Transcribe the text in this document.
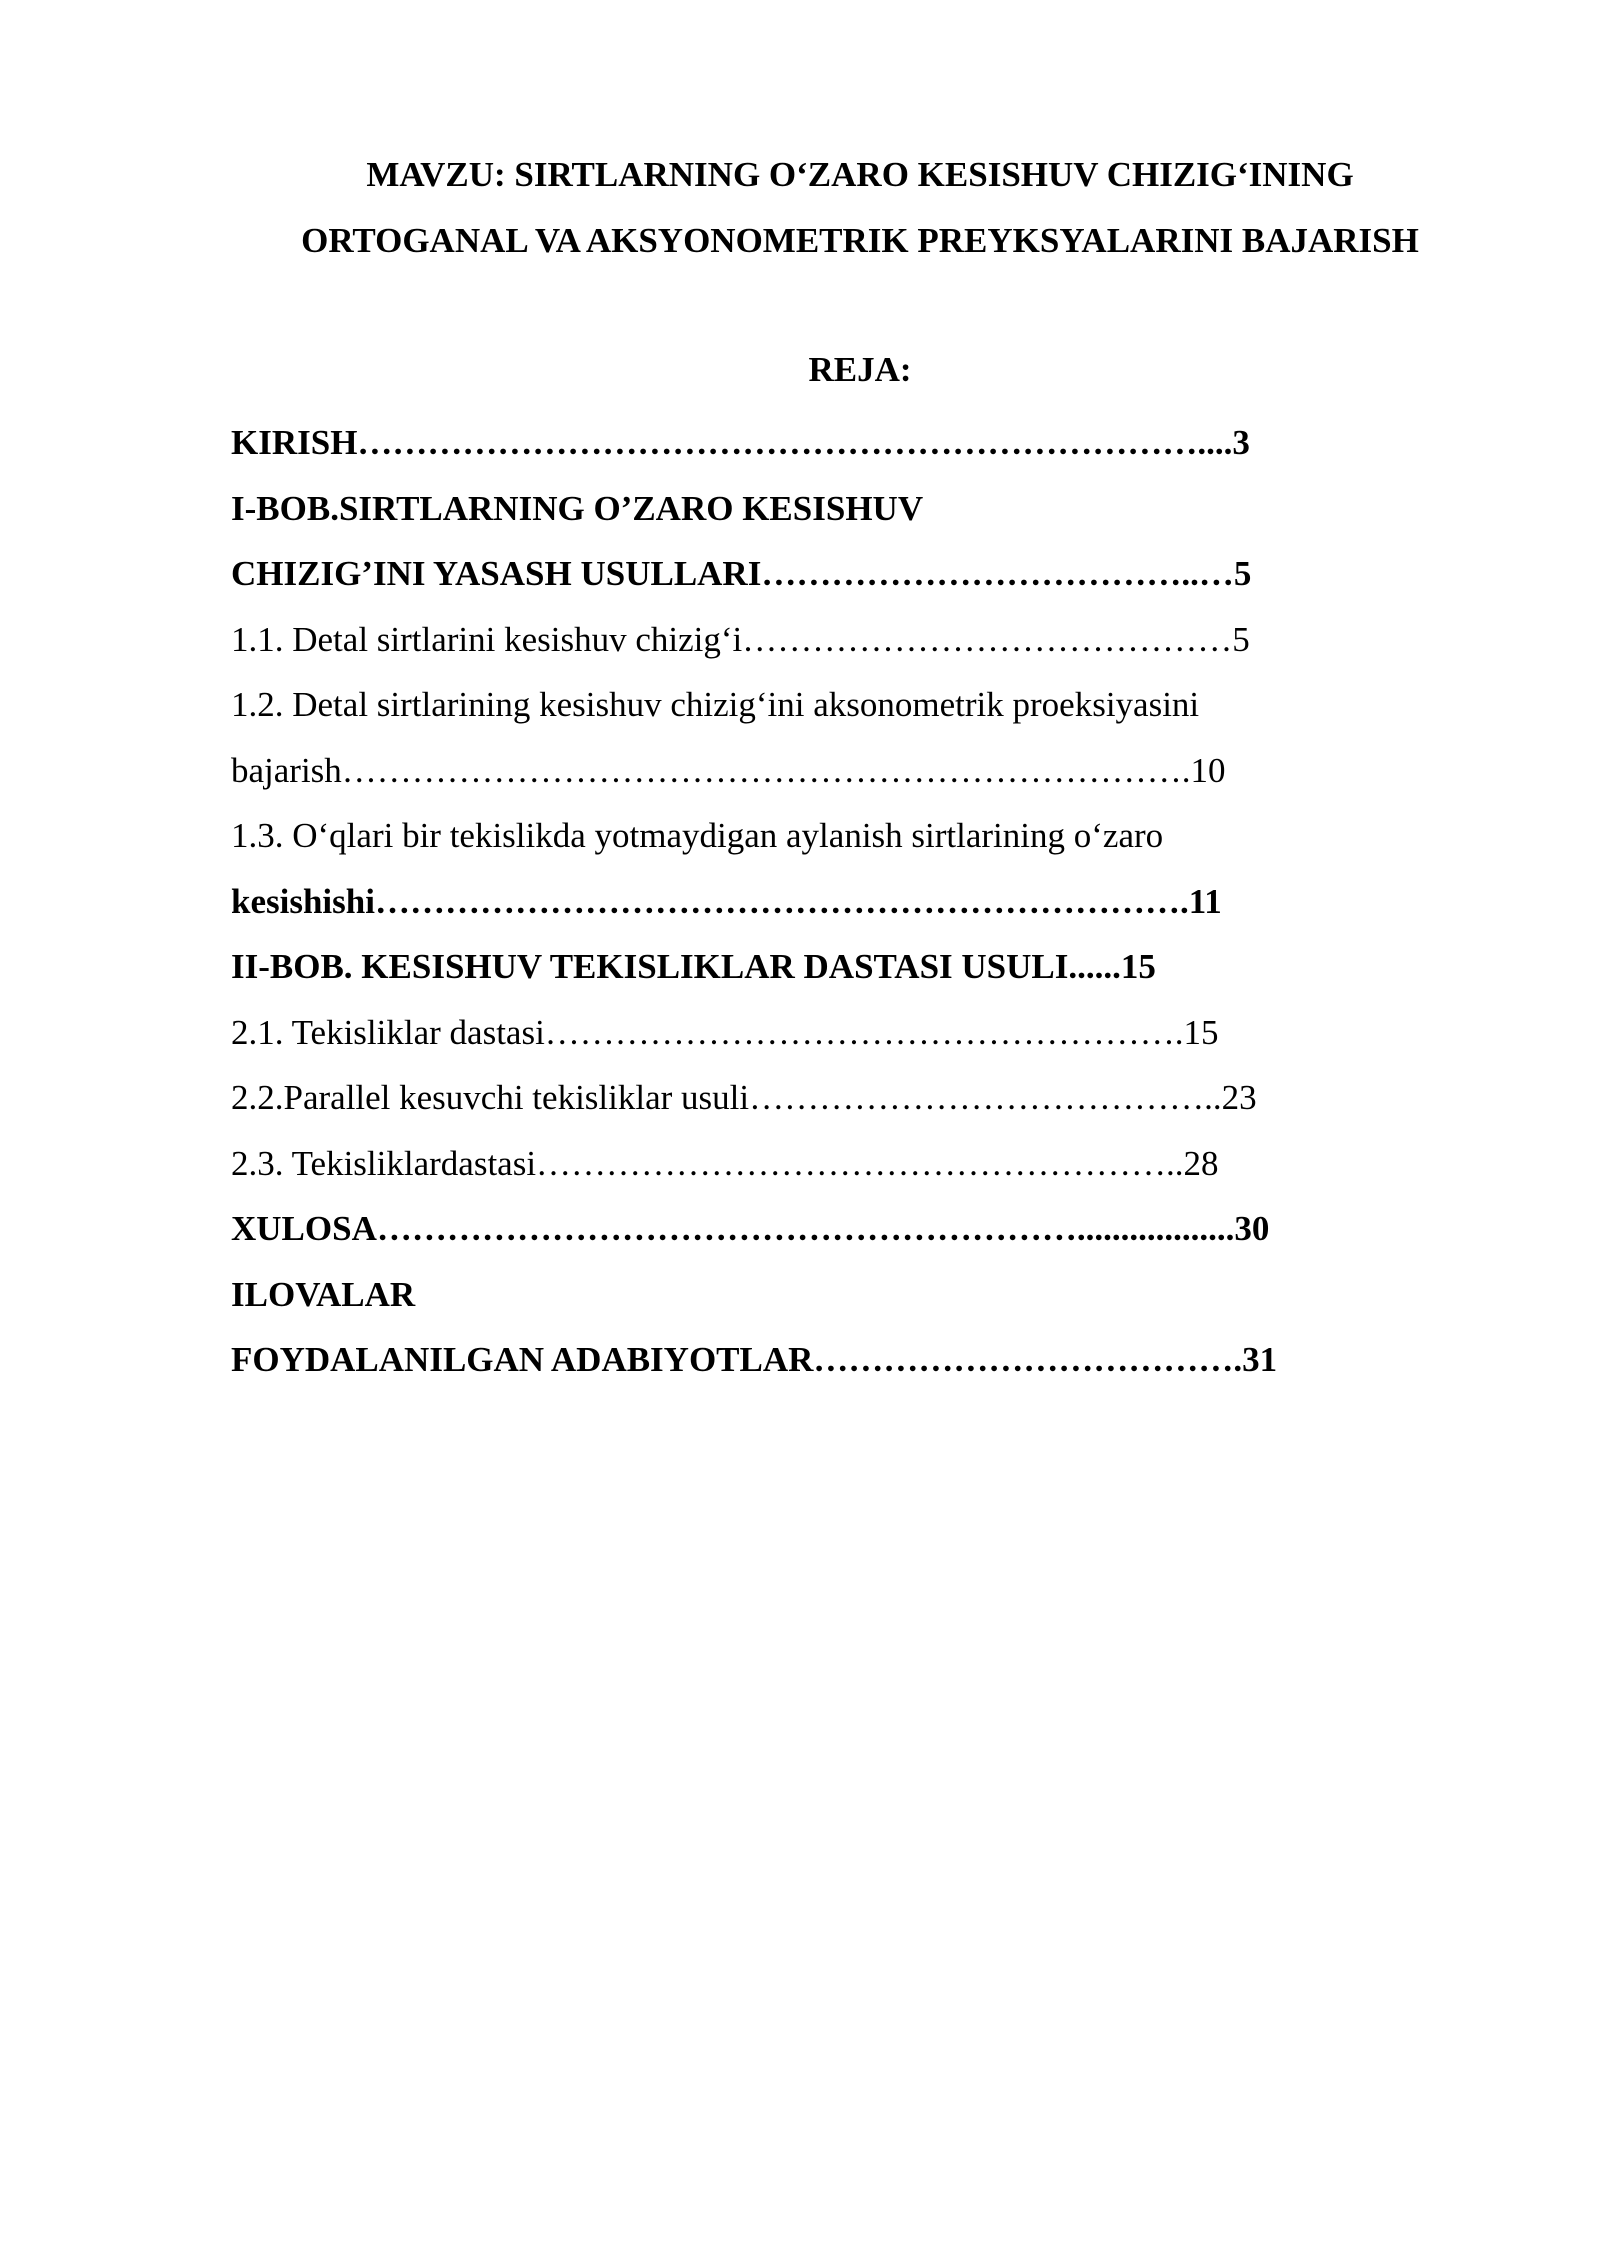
MAVZU: SIRTLARNING O‘ZARO KESISHUV CHIZIG‘INING
ORTOGANAL VA AKSYONOMETRIK PREYKSYALARINI BAJARISH
REJA:
KIRISH………………………………………………………………....3
I-BOB.SIRTLARNING O’ZARO KESISHUV
CHIZIG’INI YASASH USULLARI………………………………..…5
1.1. Detal sirtlarini kesishuv chizig‘i……………………………………5
1.2. Detal sirtlarining kesishuv chizig‘ini aksonometrik proeksiyasini
bajarish……………………………………………………………….10
1.3. O‘qlari bir tekislikda yotmaydigan aylanish sirtlarining o‘zaro
kesishishi…………………………………………………………….11
II-BOB. KESISHUV TEKISLIKLAR DASTASI USULI......15
2.1. Tekisliklar dastasi……………………………………………….15
2.2.Parallel kesuvchi tekisliklar usuli…………………………………..23
2.3. Tekisliklardastasi………………………………………………..28
XULOSA……………………………………………………..................30
ILOVALAR
FOYDALANILGAN ADABIYOTLAR……………………………….31
